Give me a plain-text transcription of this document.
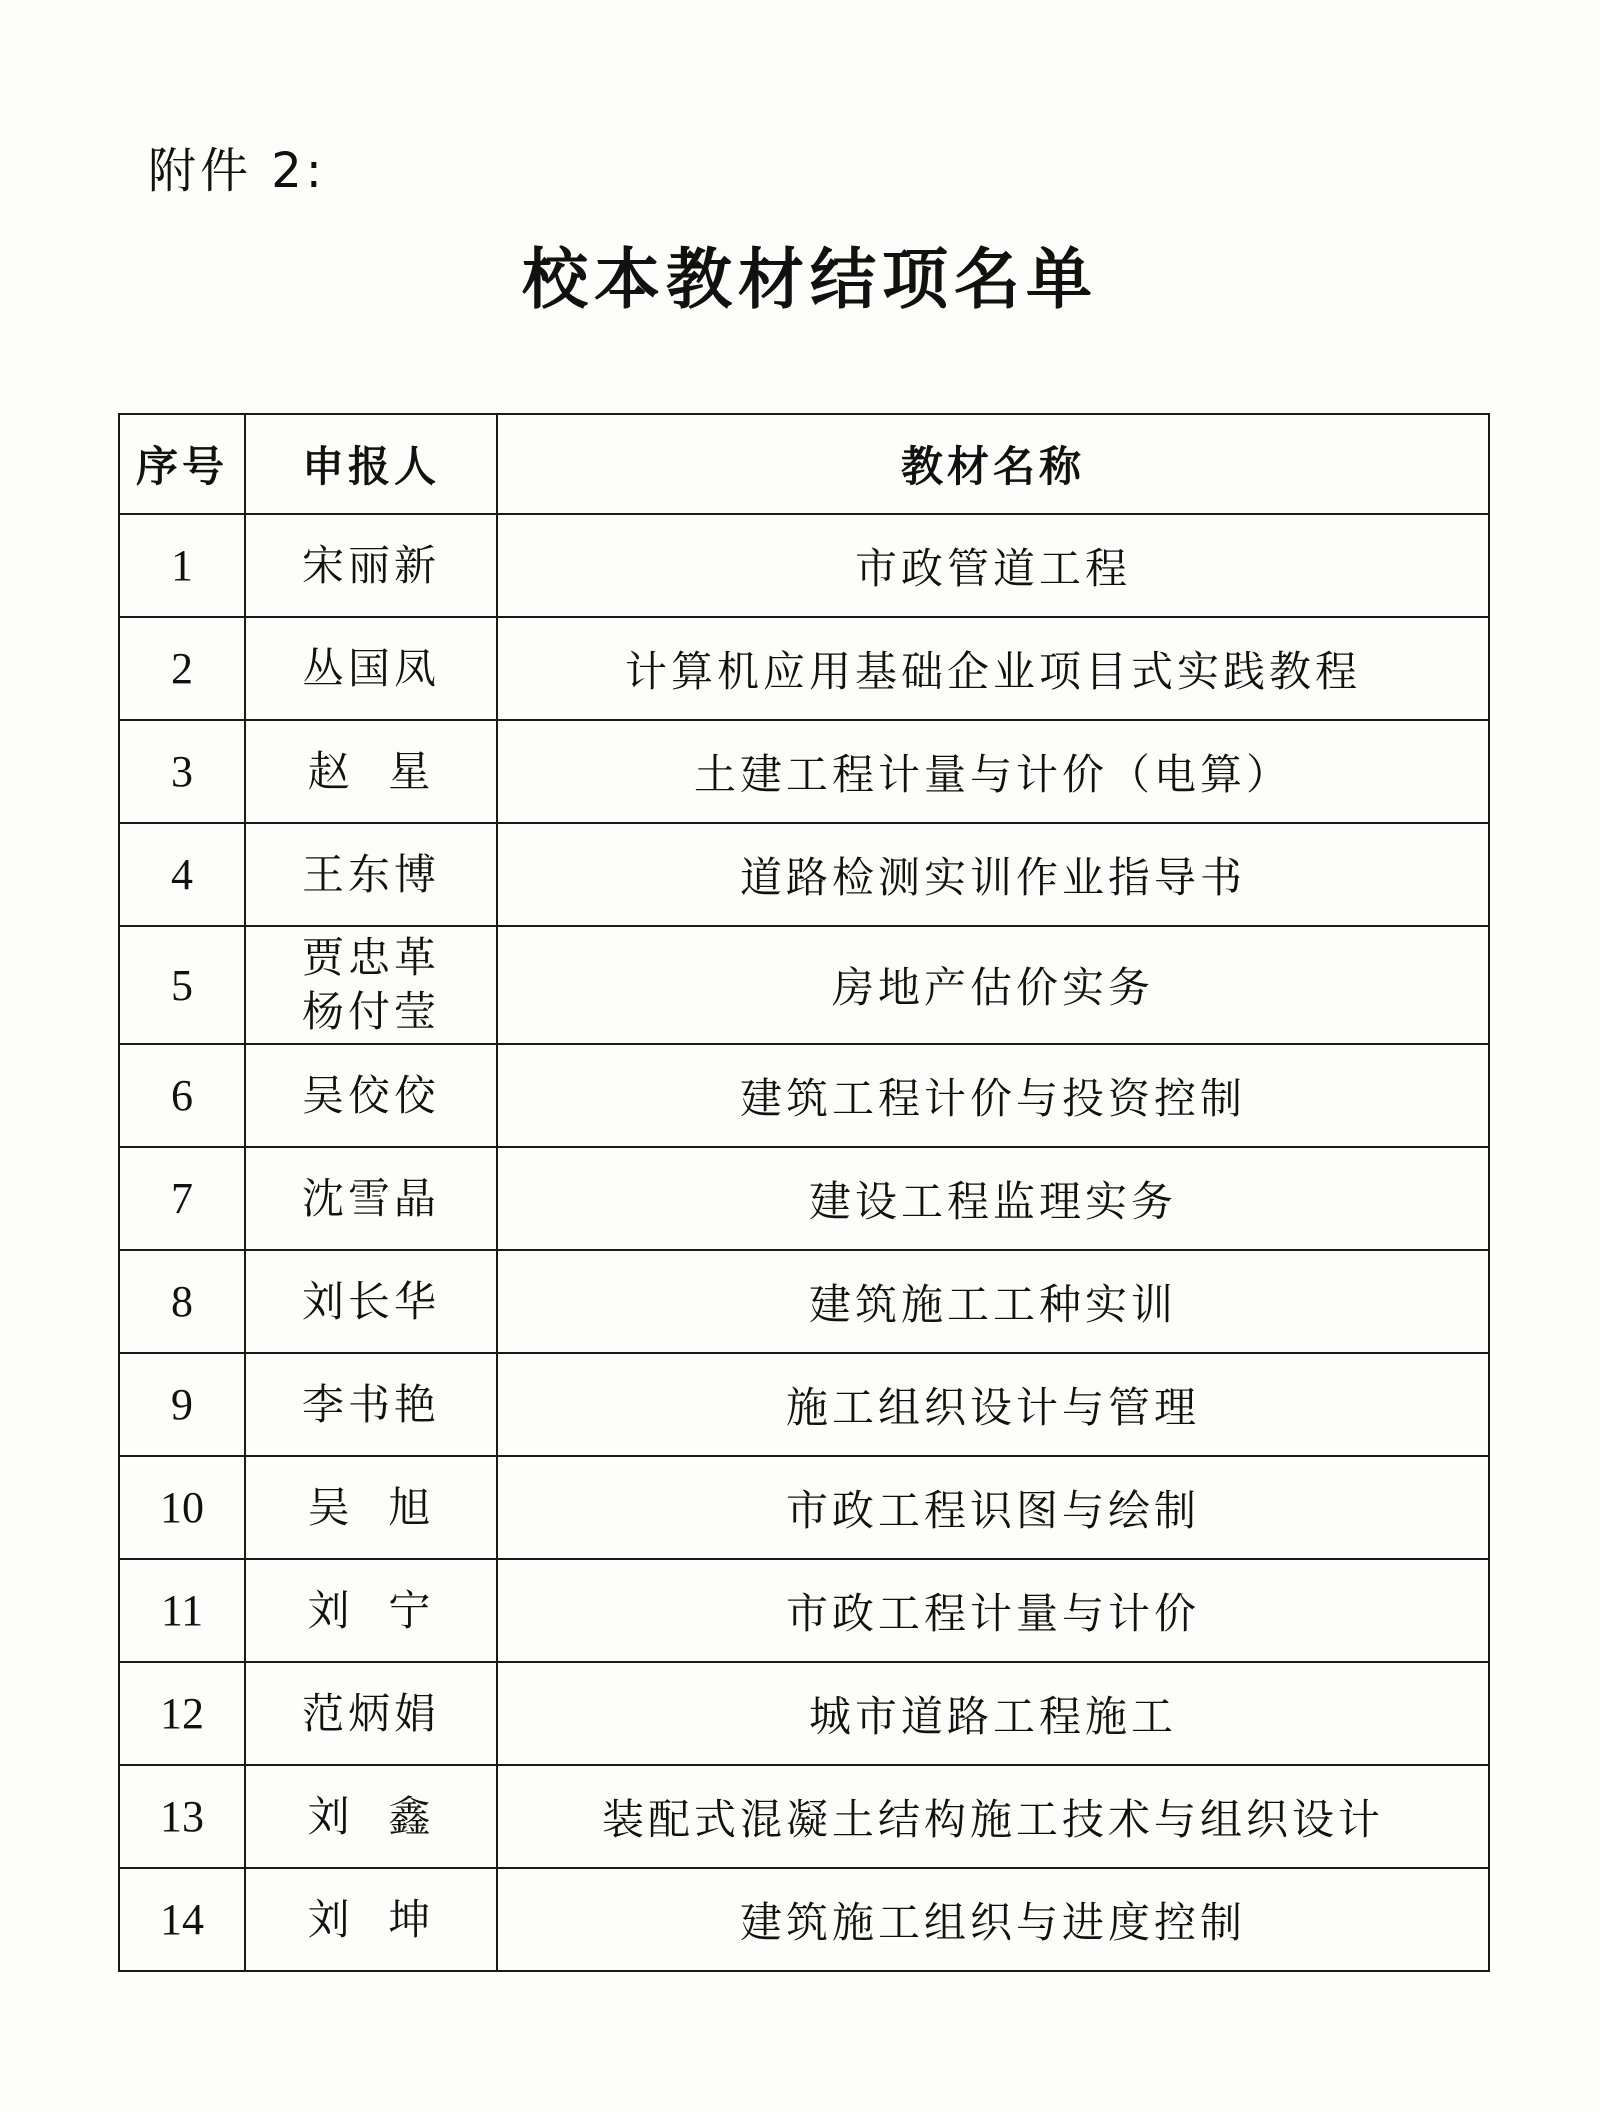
附件 2:
校本教材结项名单
序号	申报人	教材名称
1	宋丽新	市政管道工程
2	丛国凤	计算机应用基础企业项目式实践教程
3	赵  星	土建工程计量与计价（电算）
4	王东博	道路检测实训作业指导书
5	贾忠革
杨付莹	房地产估价实务
6	吴佼佼	建筑工程计价与投资控制
7	沈雪晶	建设工程监理实务
8	刘长华	建筑施工工种实训
9	李书艳	施工组织设计与管理
10	吴  旭	市政工程识图与绘制
11	刘  宁	市政工程计量与计价
12	范炳娟	城市道路工程施工
13	刘  鑫	装配式混凝土结构施工技术与组织设计
14	刘  坤	建筑施工组织与进度控制
